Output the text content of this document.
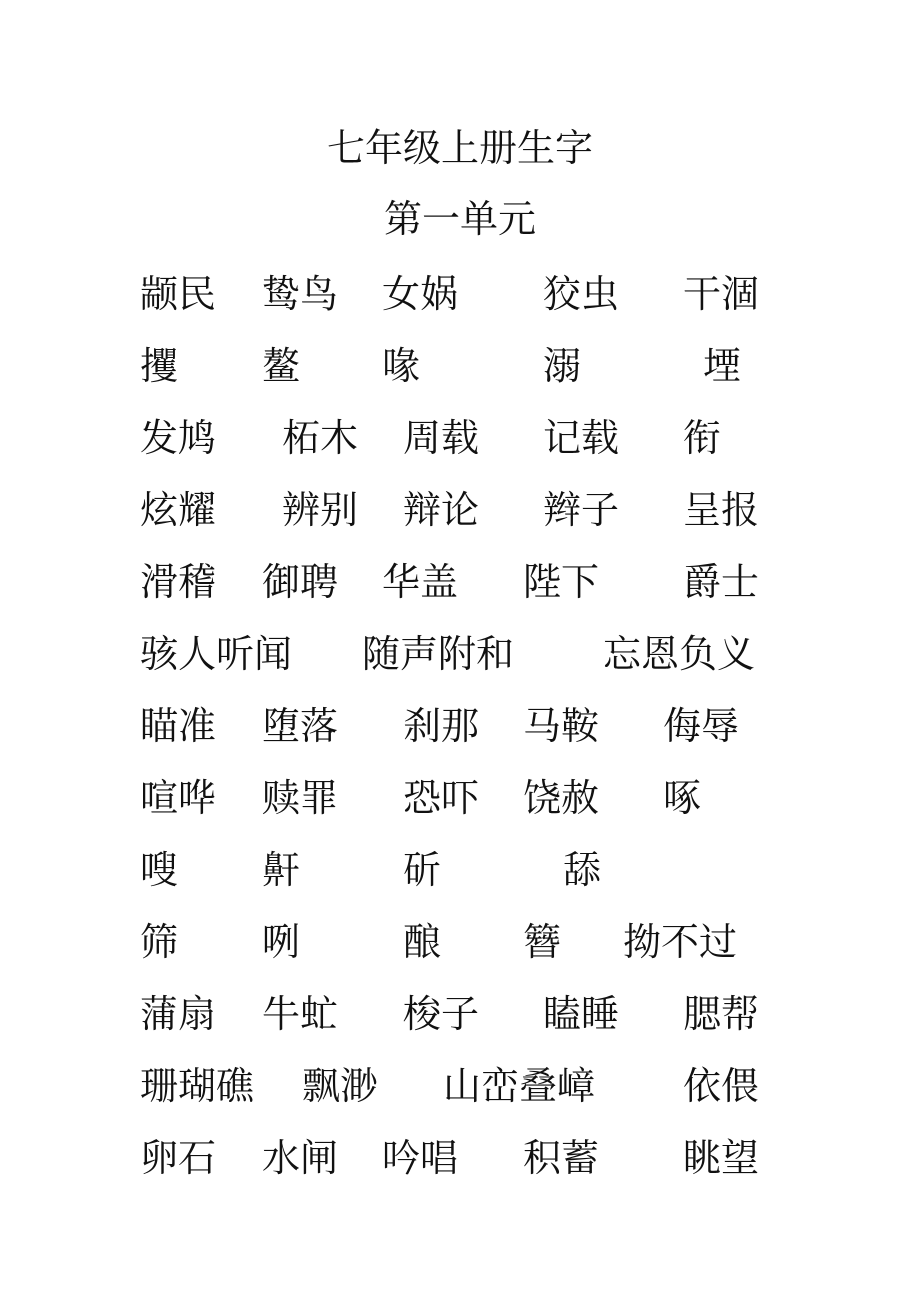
七年级上册生字
第一单元
颛民 鸷鸟 女娲 狡虫 干涸
攫 鳌 喙	溺	堙
发鸠 柘木 周载 记载 衔
炫耀 辨别 辩论 辫子 呈报
滑稽 御聘 华盖 陛下 爵士
骇人听闻 随声附和 忘恩负义
瞄准 堕落 刹那 马鞍 侮辱
喧哗 赎罪 恐吓 饶赦 啄
嗖 鼾	斫	舔
筛 咧	酿 簪 拗不过
蒲扇 牛虻 梭子 瞌睡 腮帮
珊瑚礁 飘渺 山峦叠嶂 依偎
卵石 水闸 吟唱 积蓄 眺望
